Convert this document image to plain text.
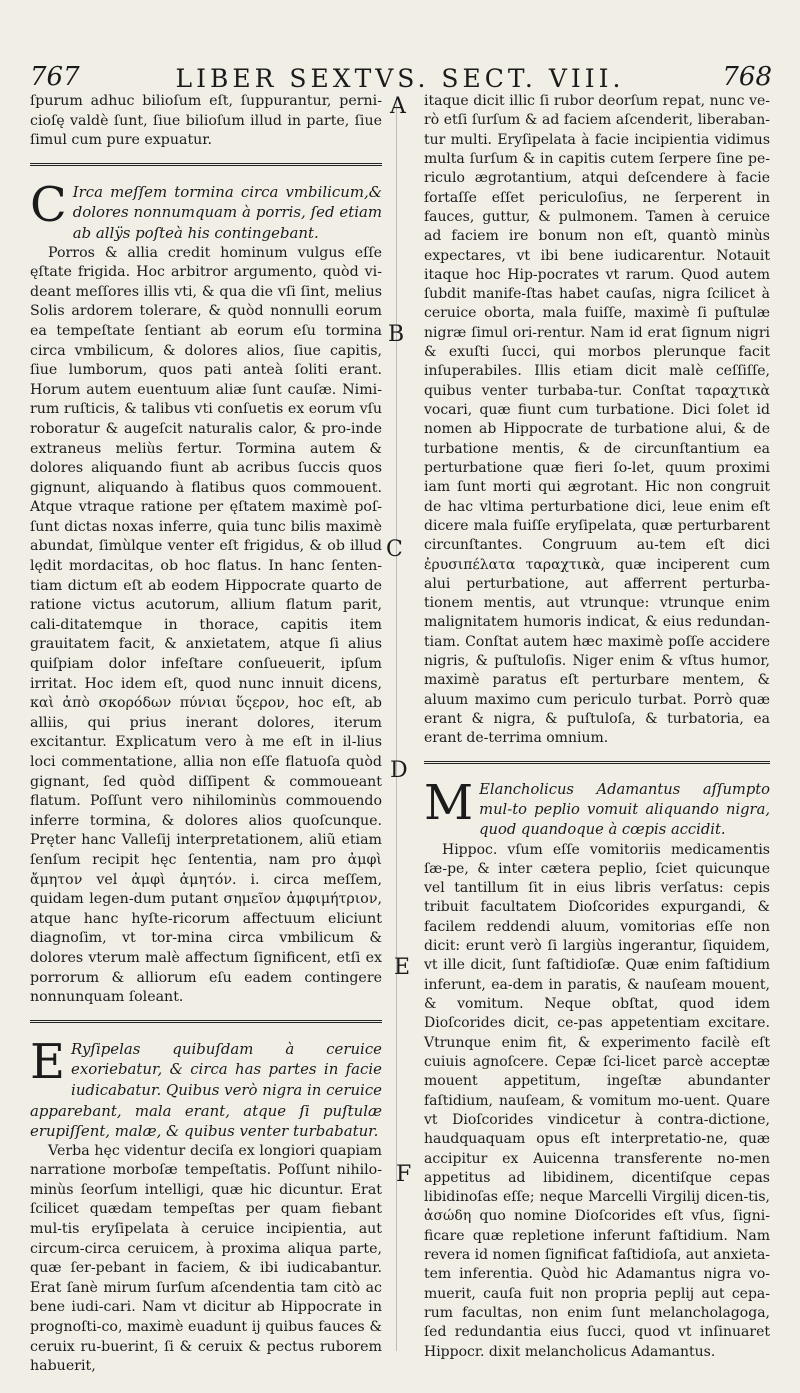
767	LIBER SEXTVS. SECT. VIII.	768
A
B
C
D
E
F

ſpurum adhuc bilioſum eſt, ſuppurantur, perni-cioſę valdè ſunt, ſiue bilioſum illud in parte, ſiue ſimul cum pure expuatur.

C Irca meſſem tormina circa vmbilicum,& dolores nonnumquam à porris, ſed etiam ab allÿs poſteà his contingebant.

Porros & allia credit hominum vulgus eſſe ęſtate frigida. Hoc arbitror argumento, quòd vi-deant meſſores illis vti, & qua die vſi ſint, melius Solis ardorem tolerare, & quòd nonnulli eorum ea tempeſtate ſentiant ab eorum eſu tormina circa vmbilicum, & dolores alios, ſiue capitis, ſiue lumborum, quos pati anteà ſoliti erant. Horum autem euentuum aliæ ſunt cauſæ. Nimi-rum ruſticis, & talibus vti conſuetis ex eorum vſu roboratur & augeſcit naturalis calor, & pro-inde extraneus meliùs fertur. Tormina autem & dolores aliquando fiunt ab acribus ſuccis quos gignunt, aliquando à flatibus quos commouent. Atque vtraque ratione per ęſtatem maximè poſ-ſunt dictas noxas inferre, quia tunc bilis maximè abundat, ſimùlque venter eſt frigidus, & ob illud lędit mordacitas, ob hoc flatus. In hanc ſenten-tiam dictum eſt ab eodem Hippocrate quarto de ratione victus acutorum, allium flatum parit, cali-ditatemque in thorace, capitis item grauitatem facit, & anxietatem, atque ſi alius quiſpiam dolor infeſtare conſueuerit, ipſum irritat. Hoc idem eſt, quod nunc innuit dicens, καὶ ἀπὸ σκορόδων πύνιαι ὕςερον, hoc eſt, ab alliis, qui prius inerant dolores, iterum excitantur. Explicatum vero à me eſt in il-lius loci commentatione, allia non eſſe flatuoſa quòd gignant, ſed quòd diſſipent & commoueant flatum. Poſſunt vero nihilominùs commouendo inferre tormina, & dolores alios quoſcunque. Pręter hanc Valleſij interpretationem, aliũ etiam ſenſum recipit hęc ſententia, nam pro ἀμφὶ ἄμητον vel ἀμφὶ ἀμητόν. i. circa meſſem, quidam legen-dum putant σημεῖον ἀμφιμήτριον, atque hanc hyſte-ricorum affectuum eliciunt diagnoſim, vt tor-mina circa vmbilicum & dolores vterum malè affectum ſignificent, etſi ex porrorum & alliorum eſu eadem contingere nonnunquam ſoleant.

E Ryſipelas quibuſdam à ceruice exoriebatur, & circa has partes in facie iudicabatur. Quibus verò nigra in ceruice apparebant, mala erant, atque ſi puſtulæ erupiſſent, malæ, & quibus venter turbabatur.

Verba hęc videntur deciſa ex longiori quapiam narratione morboſæ tempeſtatis. Poſſunt nihilo-minùs ſeorſum intelligi, quæ hic dicuntur. Erat ſcilicet quædam tempeſtas per quam fiebant mul-tis eryſipelata à ceruice incipientia, aut circum-circa ceruicem, à proxima aliqua parte, quæ ſer-pebant in faciem, & ibi iudicabantur. Erat ſanè mirum ſurſum aſcendentia tam citò ac bene iudi-cari. Nam vt dicitur ab Hippocrate in prognoſti-co, maximè euadunt ij quibus fauces & ceruix ru-buerint, ſi & ceruix & pectus ruborem habuerit,

itaque dicit illic ſi rubor deorſum repat, nunc ve-rò etſi ſurſum & ad faciem aſcenderit, liberaban-tur multi. Eryſipelata à facie incipientia vidimus multa ſurſum & in capitis cutem ſerpere ſine pe-riculo ægrotantium, atqui deſcendere à facie fortaſſe eſſet periculoſius, ne ſerperent in fauces, guttur, & pulmonem. Tamen à ceruice ad faciem ire bonum non eſt, quantò minùs expectares, vt ibi bene iudicarentur. Notauit itaque hoc Hip-pocrates vt rarum. Quod autem ſubdit manife-ſtas habet cauſas, nigra ſcilicet à ceruice oborta, mala fuiſſe, maximè ſi puſtulæ nigræ ſimul ori-rentur. Nam id erat ſignum nigri & exuſti ſucci, qui morbos plerunque facit inſuperabiles. Illis etiam dicit malè ceſſiſſe, quibus venter turbaba-tur. Conſtat ταραχτικὰ vocari, quæ fiunt cum turbatione. Dici ſolet id nomen ab Hippocrate de turbatione alui, & de turbatione mentis, & de circunſtantium ea perturbatione quæ fieri ſo-let, quum proximi iam ſunt morti qui ægrotant. Hic non congruit de hac vltima perturbatione dici, leue enim eſt dicere mala fuiſſe eryſipelata, quæ perturbarent circunſtantes. Congruum au-tem eſt dici ἐρυσιπέλατα ταραχτικὰ, quæ inciperent cum alui perturbatione, aut afferrent perturba-tionem mentis, aut vtrunque: vtrunque enim malignitatem humoris indicat, & eius redundan-tiam. Conſtat autem hæc maximè poſſe accidere nigris, & puſtuloſis. Niger enim & vſtus humor, maximè paratus eſt perturbare mentem, & aluum maximo cum periculo turbat. Porrò quæ erant & nigra, & puſtuloſa, & turbatoria, ea erant de-terrima omnium.

M Elancholicus Adamantus aſſumpto mul-to peplio vomuit aliquando nigra, quod quandoque à cœpis accidit.

Hippoc. vſum eſſe vomitoriis medicamentis ſæ-pe, & inter cætera peplio, ſciet quicunque vel tantillum ſit in eius libris verſatus: cepis tribuit facultatem Dioſcorides expurgandi, & facilem reddendi aluum, vomitorias eſſe non dicit: erunt verò ſi largiùs ingerantur, ſiquidem, vt ille dicit, ſunt faſtidioſæ. Quæ enim faſtidium inferunt, ea-dem in paratis, & nauſeam mouent, & vomitum. Neque obſtat, quod idem Dioſcorides dicit, ce-pas appetentiam excitare. Vtrunque enim fit, & experimento facilè eſt cuiuis agnoſcere. Cepæ ſci-licet parcè acceptæ mouent appetitum, ingeſtæ abundanter faſtidium, nauſeam, & vomitum mo-uent. Quare vt Dioſcorides vindicetur à contra-dictione, haudquaquam opus eſt interpretatio-ne, quæ accipitur ex Auicenna transferente no-men appetitus ad libidinem, dicentiſque cepas libidinoſas eſſe; neque Marcelli Virgilij dicen-tis, ἀσώδη quo nomine Dioſcorides eſt vſus, ſigni-ficare quæ repletione inferunt faſtidium. Nam revera id nomen ſignificat faſtidioſa, aut anxieta-tem inferentia. Quòd hic Adamantus nigra vo-muerit, cauſa fuit non propria peplij aut cepa-rum facultas, non enim ſunt melancholagoga, ſed redundantia eius ſucci, quod vt inſinuaret Hippocr. dixit melancholicus Adamantus.
